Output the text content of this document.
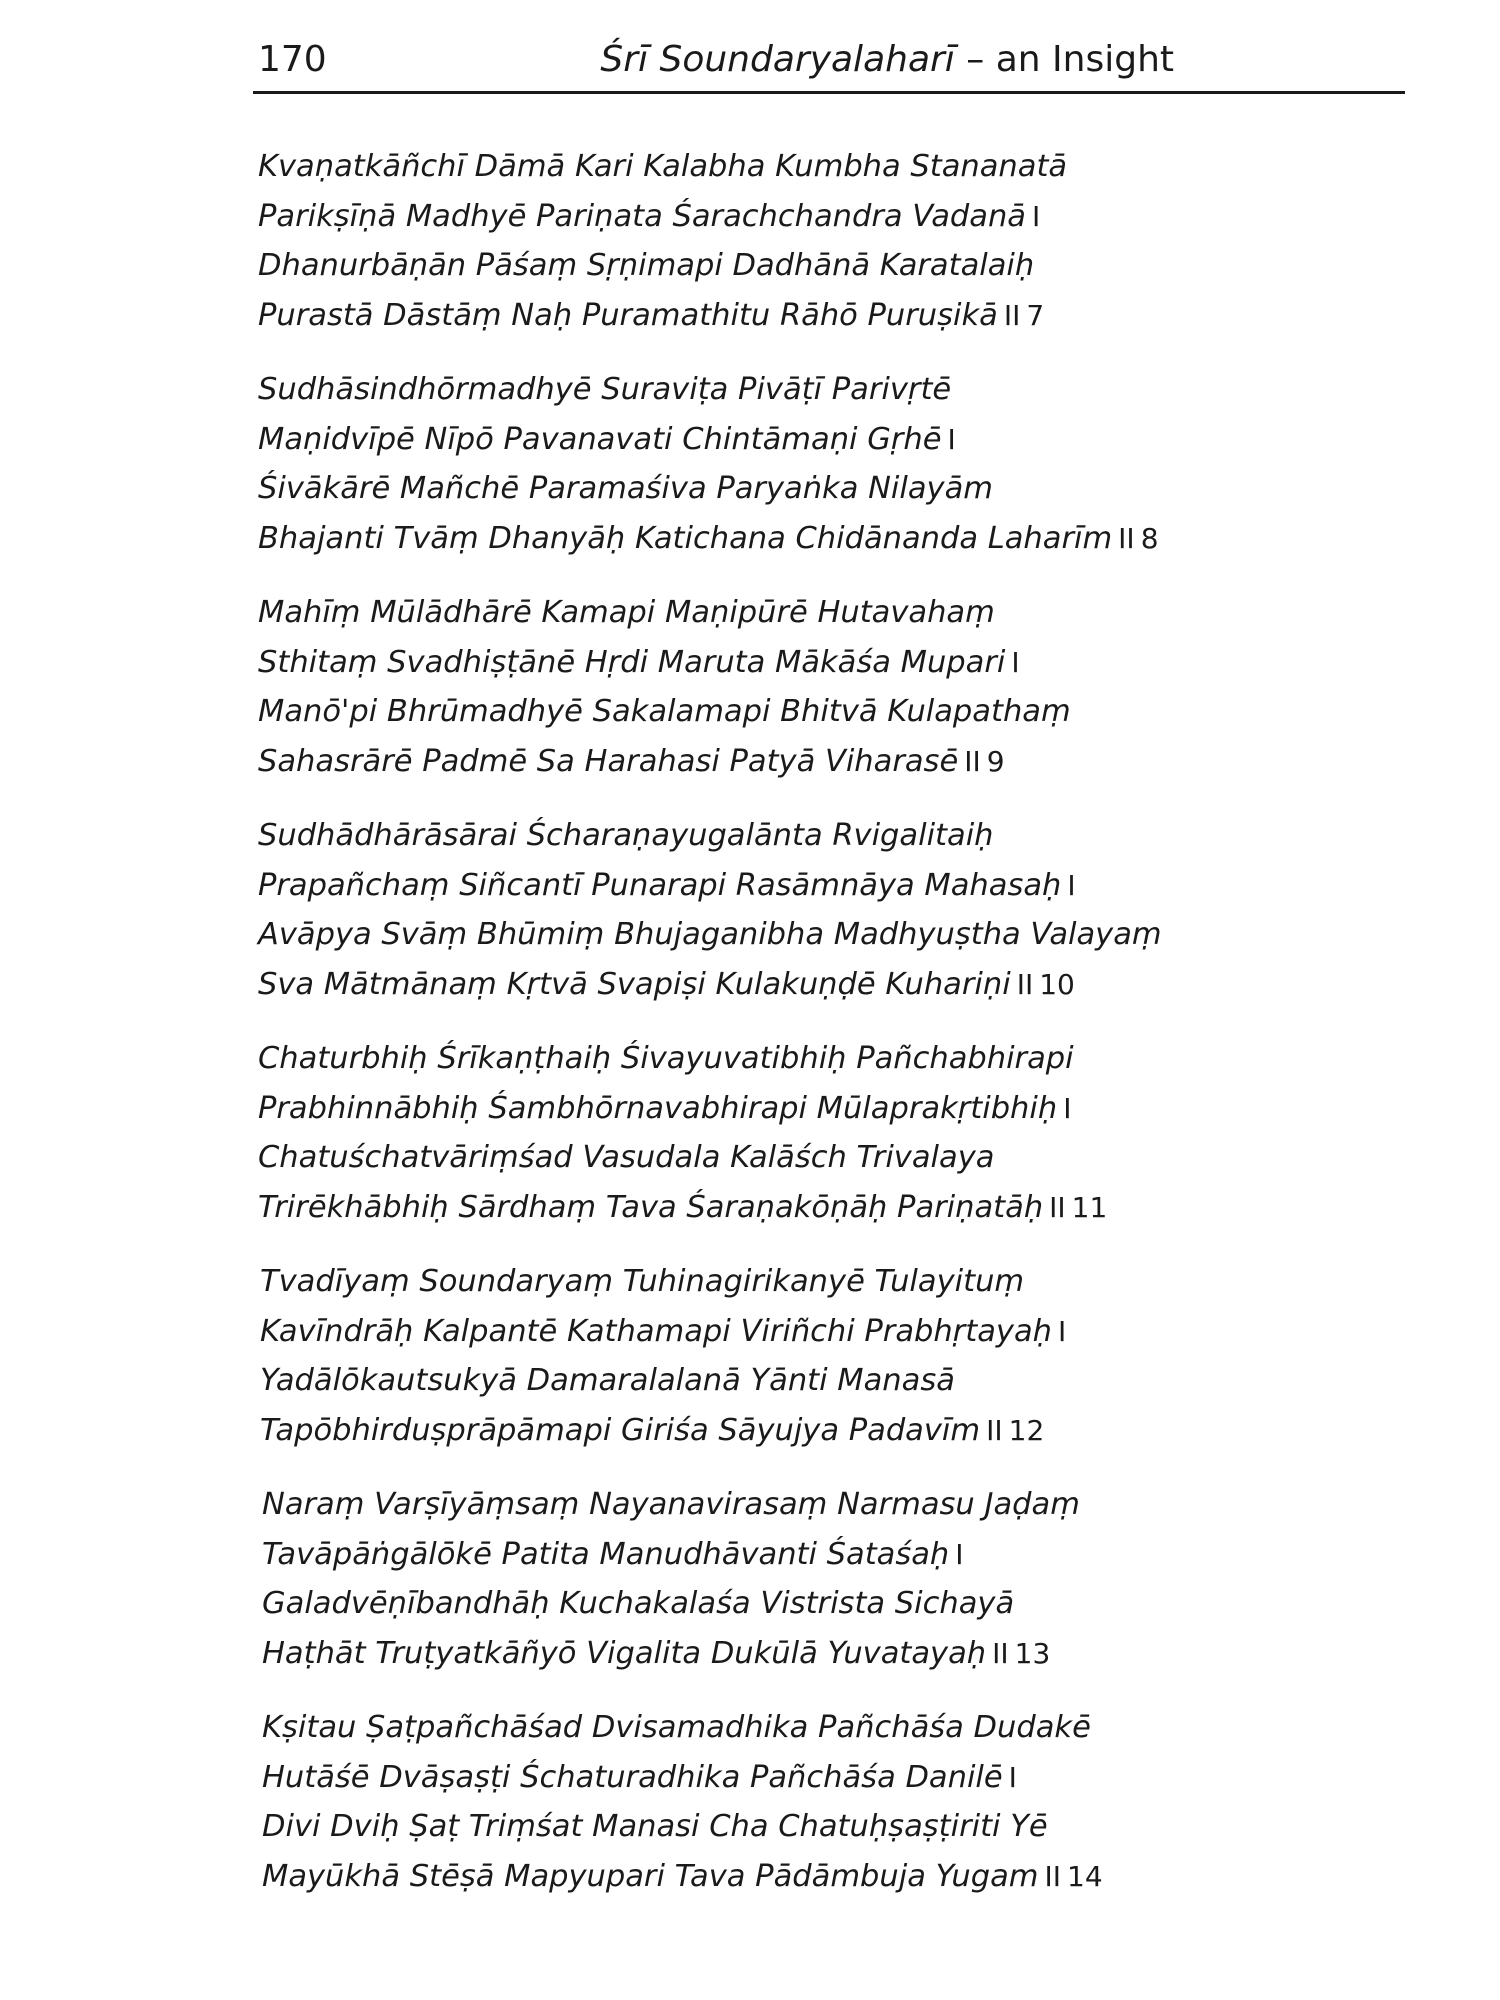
170	Śrī Soundaryalaharī – an Insight
Kvaṇatkāñchī Dāmā Kari Kalabha Kumbha Stananatā
Parikṣīṇā Madhyē Pariṇata Śarachchandra Vadanā I
Dhanurbāṇān Pāśaṃ Sṛṇimapi Dadhānā Karatalaiḥ
Purastā Dāstāṃ Naḥ Puramathitu Rāhō Puruṣikā II 7
Sudhāsindhōrmadhyē Suraviṭa Pivāṭī Parivṛtē
Maṇidvīpē Nīpō Pavanavati Chintāmaṇi Gṛhē I
Śivākārē Mañchē Paramaśiva Paryaṅka Nilayām
Bhajanti Tvāṃ Dhanyāḥ Katichana Chidānanda Laharīm II 8
Mahīṃ Mūlādhārē Kamapi Maṇipūrē Hutavahaṃ
Sthitaṃ Svadhiṣṭānē Hṛdi Maruta Mākāśa Mupari I
Manō'pi Bhrūmadhyē Sakalamapi Bhitvā Kulapathaṃ
Sahasrārē Padmē Sa Harahasi Patyā Viharasē II 9
Sudhādhārāsārai Ścharaṇayugalānta Rvigalitaiḥ
Prapañchaṃ Siñcantī Punarapi Rasāmnāya Mahasaḥ I
Avāpya Svāṃ Bhūmiṃ Bhujaganibha Madhyuṣtha Valayaṃ
Sva Mātmānaṃ Kṛtvā Svapiṣi Kulakuṇḍē Kuhariṇi II 10
Chaturbhiḥ Śrīkaṇṭhaiḥ Śivayuvatibhiḥ Pañchabhirapi
Prabhinnābhiḥ Śambhōrnavabhirapi Mūlaprakṛtibhiḥ I
Chatuśchatvāriṃśad Vasudala Kalāśch Trivalaya
Trirēkhābhiḥ Sārdhaṃ Tava Śaraṇakōṇāḥ Pariṇatāḥ II 11
Tvadīyaṃ Soundaryaṃ Tuhinagirikanyē Tulayituṃ
Kavīndrāḥ Kalpantē Kathamapi Viriñchi Prabhṛtayaḥ I
Yadālōkautsukyā Damaralalanā Yānti Manasā
Tapōbhirduṣprāpāmapi Giriśa Sāyujya Padavīm II 12
Naraṃ Varṣīyāṃsaṃ Nayanavirasaṃ Narmasu Jaḍaṃ
Tavāpāṅgālōkē Patita Manudhāvanti Śataśaḥ I
Galadvēṇībandhāḥ Kuchakalaśa Vistrista Sichayā
Haṭhāt Truṭyatkāñyō Vigalita Dukūlā Yuvatayaḥ II 13
Kṣitau Ṣaṭpañchāśad Dvisamadhika Pañchāśa Dudakē
Hutāśē Dvāṣaṣṭi Śchaturadhika Pañchāśa Danilē I
Divi Dviḥ Ṣaṭ Triṃśat Manasi Cha Chatuḥṣaṣṭiriti Yē
Mayūkhā Stēṣā Mapyupari Tava Pādāmbuja Yugam II 14
